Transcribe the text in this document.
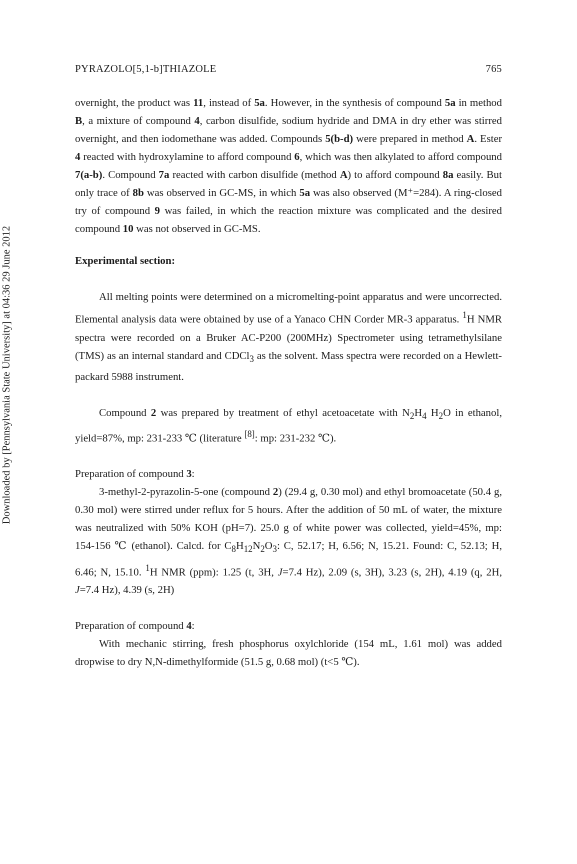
PYRAZOLO[5,1-b]THIAZOLE	765
Downloaded by [Pennsylvania State University] at 04:36 29 June 2012

overnight, the product was 11, instead of 5a. However, in the synthesis of compound 5a in method B, a mixture of compound 4, carbon disulfide, sodium hydride and DMA in dry ether was stirred overnight, and then iodomethane was added. Compounds 5(b-d) were prepared in method A. Ester 4 reacted with hydroxylamine to afford compound 6, which was then alkylated to afford compound 7(a-b). Compound 7a reacted with carbon disulfide (method A) to afford compound 8a easily. But only trace of 8b was observed in GC-MS, in which 5a was also observed (M⁺=284). A ring-closed try of compound 9 was failed, in which the reaction mixture was complicated and the desired compound 10 was not observed in GC-MS.

Experimental section:

All melting points were determined on a micromelting-point apparatus and were uncorrected. Elemental analysis data were obtained by use of a Yanaco CHN Corder MR-3 apparatus. $^1$H NMR spectra were recorded on a Bruker AC-P200 (200MHz) Spectrometer using tetramethylsilane (TMS) as an internal standard and CDCl$_3$ as the solvent. Mass spectra were recorded on a Hewlett-packard 5988 instrument.

Compound 2 was prepared by treatment of ethyl acetoacetate with $N_2H_4$ $H_2O$ in ethanol, yield=87%, mp: 231-233 ℃ (literature [8]: mp: 231-232 ℃).

Preparation of compound 3:

3-methyl-2-pyrazolin-5-one (compound 2) (29.4 g, 0.30 mol) and ethyl bromoacetate (50.4 g, 0.30 mol) were stirred under reflux for 5 hours. After the addition of 50 mL of water, the mixture was neutralized with 50% KOH (pH=7). 25.0 g of white power was collected, yield=45%, mp: 154-156 ℃ (ethanol). Calcd. for $C_8H_{12}N_2O_3$: C, 52.17; H, 6.56; N, 15.21. Found: C, 52.13; H, 6.46; N, 15.10. $^1$H NMR (ppm): 1.25 (t, 3H, J=7.4 Hz), 2.09 (s, 3H), 3.23 (s, 2H), 4.19 (q, 2H, J=7.4 Hz), 4.39 (s, 2H)

Preparation of compound 4:

With mechanic stirring, fresh phosphorus oxylchloride (154 mL, 1.61 mol) was added dropwise to dry N,N-dimethylformide (51.5 g, 0.68 mol) (t<5 ℃).
